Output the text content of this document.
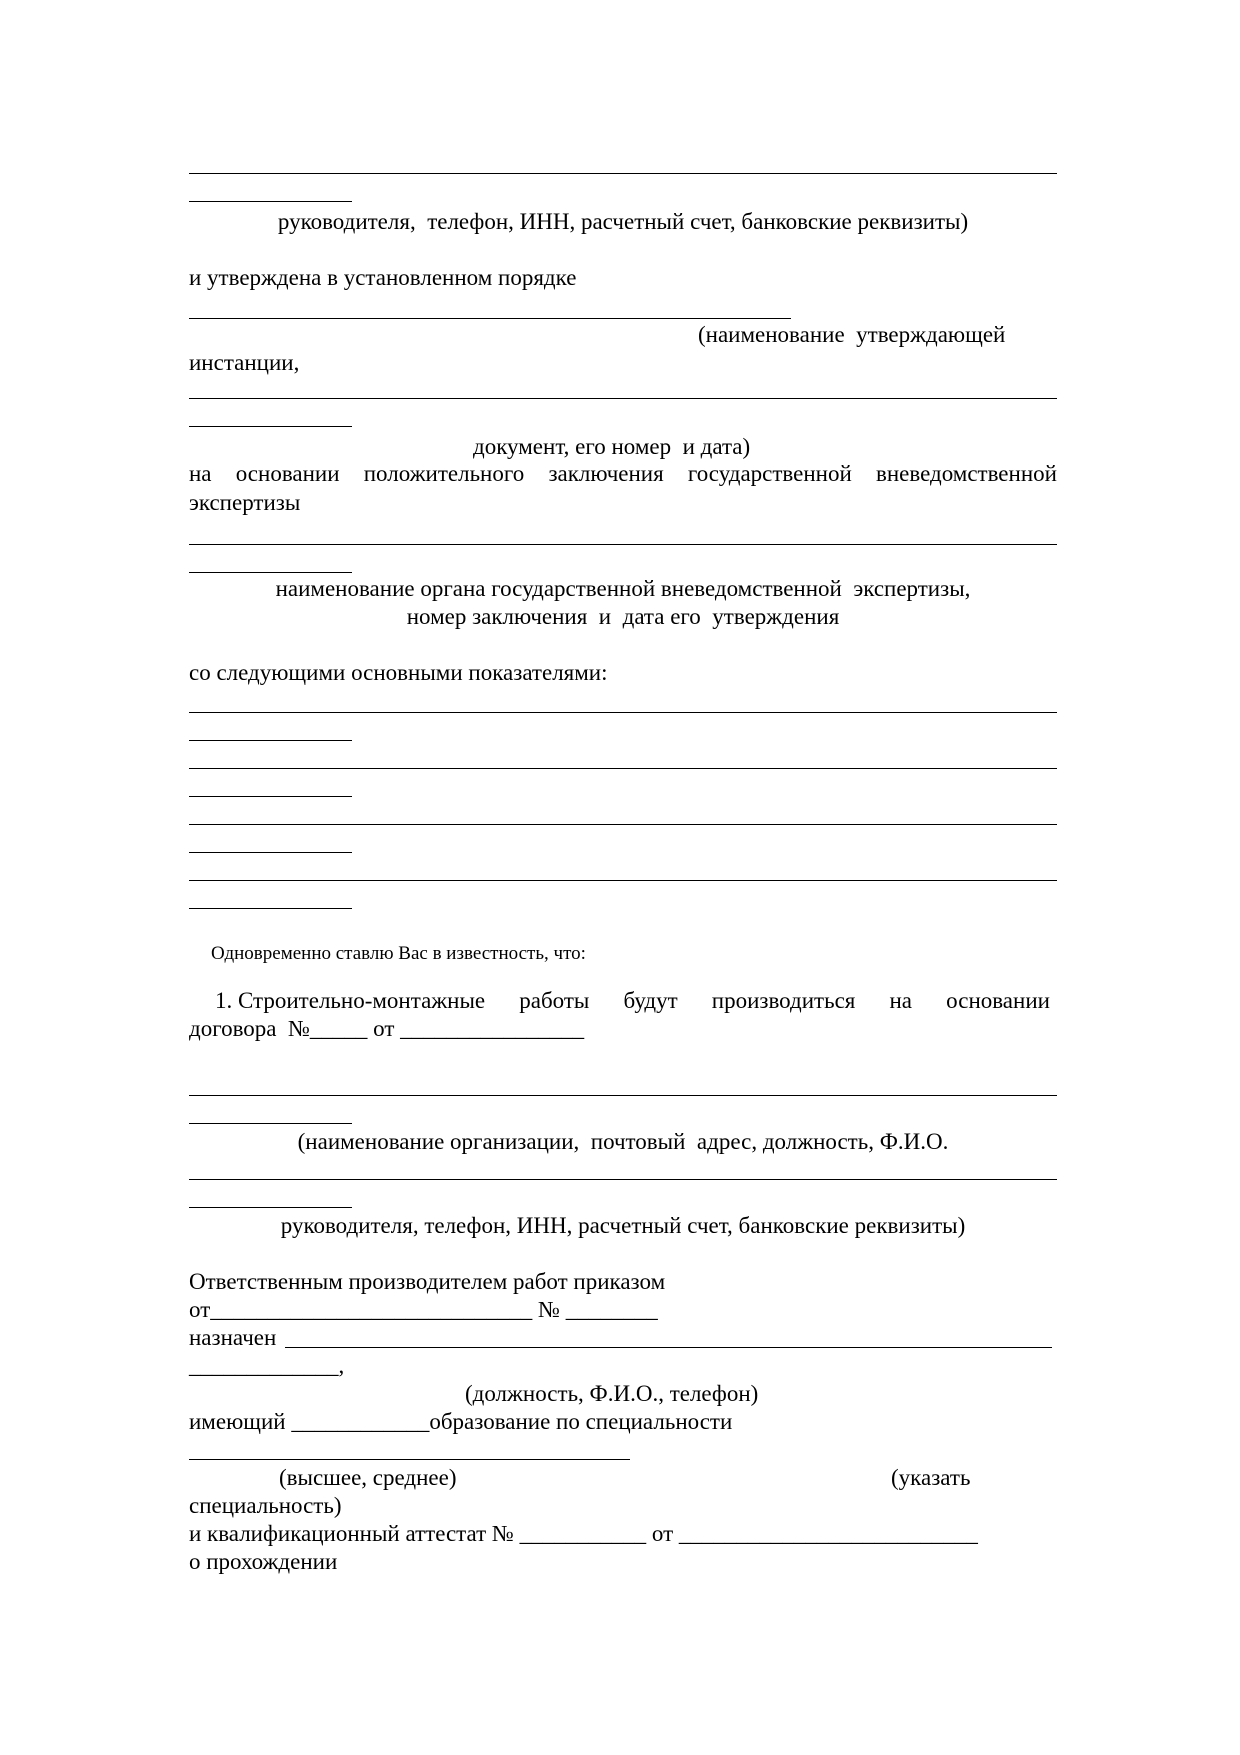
руководителя,  телефон, ИНН, расчетный счет, банковские реквизиты)
и утверждена в установленном порядке
(наименование  утверждающей
инстанции,
документ, его номер  и дата)
на основании положительного заключения государственной вневедомственной
экспертизы
наименование органа государственной вневедомственной  экспертизы,
номер заключения  и  дата его  утверждения
со следующими основными показателями:
Одновременно ставлю Вас в известность, что:
1. Строительно-монтажные работы будут производиться на основании
договора  №_____ от ________________
(наименование организации,  почтовый  адрес, должность, Ф.И.О.
руководителя, телефон, ИНН, расчетный счет, банковские реквизиты)
Ответственным производителем работ приказом
от____________________________ № ________
назначен
_____________,
(должность, Ф.И.О., телефон)
имеющий ____________образование по специальности
(высшее, среднее)	(указать
специальность)
и квалификационный аттестат № ___________ от __________________________
о прохождении
